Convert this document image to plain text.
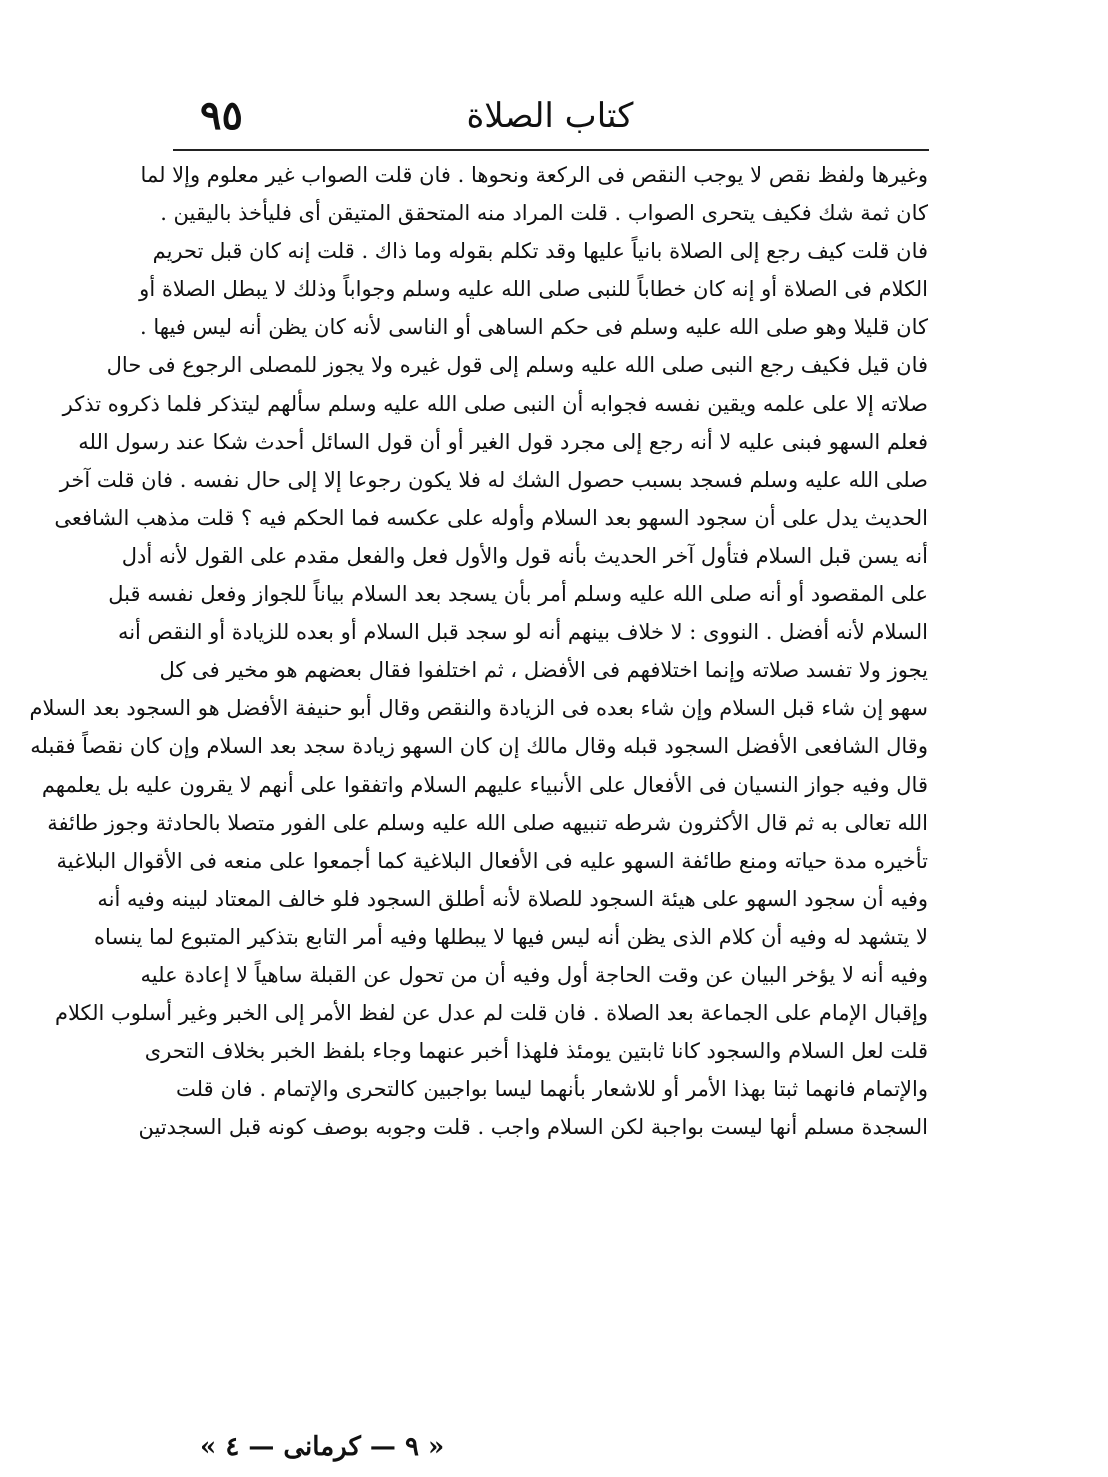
٩٥	كتاب الصلاة
وغيرها ولفظ نقص لا يوجب النقص فى الركعة ونحوها . فان قلت الصواب غير معلوم وإلا لما
كان ثمة شك فكيف يتحرى الصواب . قلت المراد منه المتحقق المتيقن أى فليأخذ باليقين .
فان قلت كيف رجع إلى الصلاة بانياً عليها وقد تكلم بقوله وما ذاك . قلت إنه كان قبل تحريم
الكلام فى الصلاة أو إنه كان خطاباً للنبى صلى الله عليه وسلم وجواباً وذلك لا يبطل الصلاة أو
كان قليلا وهو صلى الله عليه وسلم فى حكم الساهى أو الناسى لأنه كان يظن أنه ليس فيها .
فان قيل فكيف رجع النبى صلى الله عليه وسلم إلى قول غيره ولا يجوز للمصلى الرجوع فى حال
صلاته إلا على علمه ويقين نفسه فجوابه أن النبى صلى الله عليه وسلم سألهم ليتذكر فلما ذكروه تذكر
فعلم السهو فبنى عليه لا أنه رجع إلى مجرد قول الغير أو أن قول السائل أحدث شكا عند رسول الله
صلى الله عليه وسلم فسجد بسبب حصول الشك له فلا يكون رجوعا إلا إلى حال نفسه . فان قلت آخر
الحديث يدل على أن سجود السهو بعد السلام وأوله على عكسه فما الحكم فيه ؟ قلت مذهب الشافعى
أنه يسن قبل السلام فتأول آخر الحديث بأنه قول والأول فعل والفعل مقدم على القول لأنه أدل
على المقصود أو أنه صلى الله عليه وسلم أمر بأن يسجد بعد السلام بياناً للجواز وفعل نفسه قبل
السلام لأنه أفضل . النووى : لا خلاف بينهم أنه لو سجد قبل السلام أو بعده للزيادة أو النقص أنه
يجوز ولا تفسد صلاته وإنما اختلافهم فى الأفضل ، ثم اختلفوا فقال بعضهم هو مخير فى كل
سهو إن شاء قبل السلام وإن شاء بعده فى الزيادة والنقص وقال أبو حنيفة الأفضل هو السجود بعد السلام
وقال الشافعى الأفضل السجود قبله وقال مالك إن كان السهو زيادة سجد بعد السلام وإن كان نقصاً فقبله
قال وفيه جواز النسيان فى الأفعال على الأنبياء عليهم السلام واتفقوا على أنهم لا يقرون عليه بل يعلمهم
الله تعالى به ثم قال الأكثرون شرطه تنبيهه صلى الله عليه وسلم على الفور متصلا بالحادثة وجوز طائفة
تأخيره مدة حياته ومنع طائفة السهو عليه فى الأفعال البلاغية كما أجمعوا على منعه فى الأقوال البلاغية
وفيه أن سجود السهو على هيئة السجود للصلاة لأنه أطلق السجود فلو خالف المعتاد لبينه وفيه أنه
لا يتشهد له وفيه أن كلام الذى يظن أنه ليس فيها لا يبطلها وفيه أمر التابع بتذكير المتبوع لما ينساه
وفيه أنه لا يؤخر البيان عن وقت الحاجة أول وفيه أن من تحول عن القبلة ساهياً لا إعادة عليه
وإقبال الإمام على الجماعة بعد الصلاة . فان قلت لم عدل عن لفظ الأمر إلى الخبر وغير أسلوب الكلام
قلت لعل السلام والسجود كانا ثابتين يومئذ فلهذا أخبر عنهما وجاء بلفظ الخبر بخلاف التحرى
والإتمام فانهما ثبتا بهذا الأمر أو للاشعار بأنهما ليسا بواجبين كالتحرى والإتمام . فان قلت
السجدة مسلم أنها ليست بواجبة لكن السلام واجب . قلت وجوبه بوصف كونه قبل السجدتين
« ٩ — كرمانى — ٤ »
